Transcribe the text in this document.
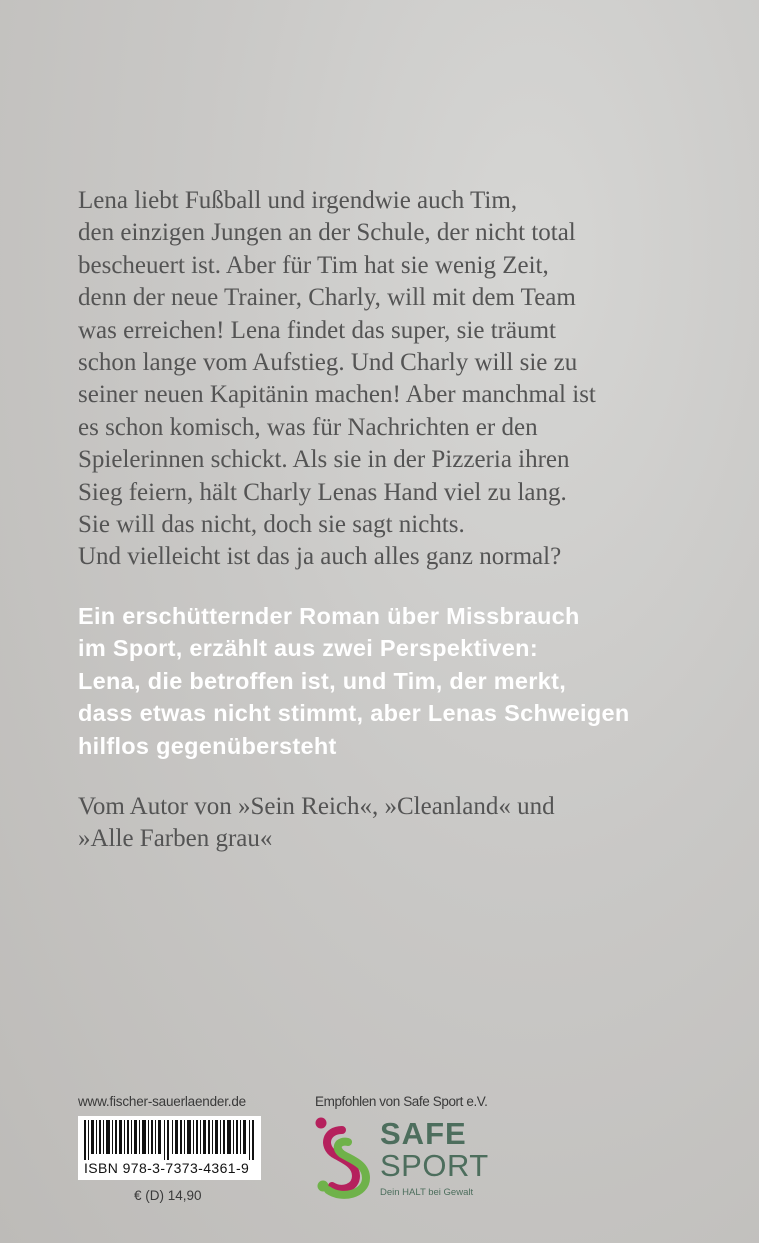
Lena liebt Fußball und irgendwie auch Tim,
den einzigen Jungen an der Schule, der nicht total
bescheuert ist. Aber für Tim hat sie wenig Zeit,
denn der neue Trainer, Charly, will mit dem Team
was erreichen! Lena findet das super, sie träumt
schon lange vom Aufstieg. Und Charly will sie zu
seiner neuen Kapitänin machen! Aber manchmal ist
es schon komisch, was für Nachrichten er den
Spielerinnen schickt. Als sie in der Pizzeria ihren
Sieg feiern, hält Charly Lenas Hand viel zu lang.
Sie will das nicht, doch sie sagt nichts.
Und vielleicht ist das ja auch alles ganz normal?
Ein erschütternder Roman über Missbrauch
im Sport, erzählt aus zwei Perspektiven:
Lena, die betroffen ist, und Tim, der merkt,
dass etwas nicht stimmt, aber Lenas Schweigen
hilflos gegenübersteht
Vom Autor von »Sein Reich«, »Cleanland« und
»Alle Farben grau«
www.fischer-sauerlaender.de
ISBN 978-3-7373-4361-9
€ (D) 14,90
Empfohlen von Safe Sport e.V.
SAFE
SPORT
Dein HALT bei Gewalt
